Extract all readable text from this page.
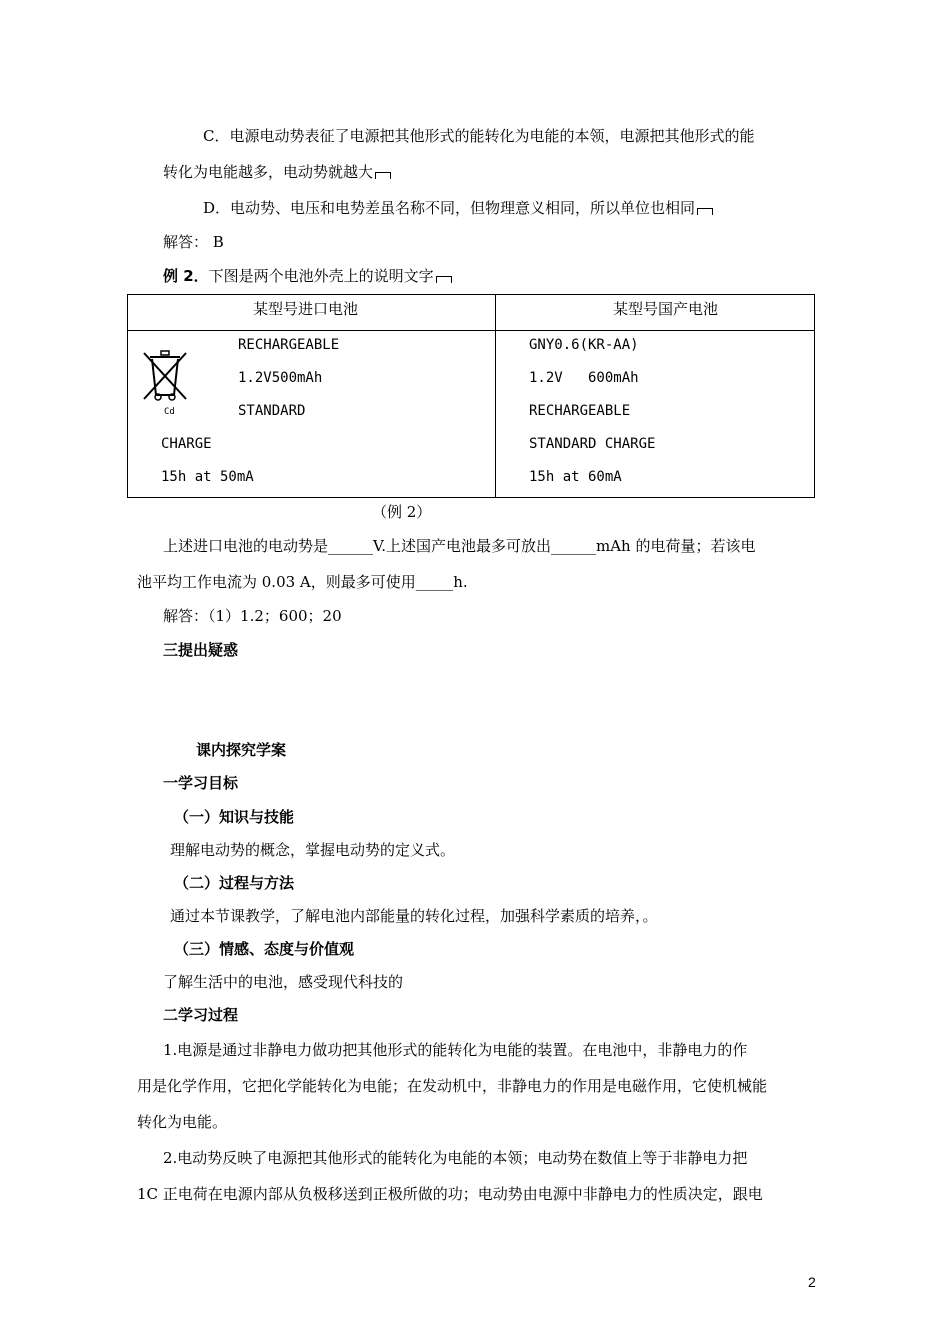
C．电源电动势表征了电源把其他形式的能转化为电能的本领，电源把其他形式的能
转化为电能越多，电动势就越大
D．电动势、电压和电势差虽名称不同，但物理意义相同，所以单位也相同
解答： B
例 2．下图是两个电池外壳上的说明文字
某型号进口电池	某型号国产电池
Cd
RECHARGEABLE
1.2V500mAh
STANDARD
CHARGE
15h at 50mA
GNY0.6(KR-AA)
1.2V   600mAh
RECHARGEABLE
STANDARD CHARGE
15h at 60mA
（例 2）
上述进口电池的电动势是______V.上述国产电池最多可放出______mAh 的电荷量；若该电
池平均工作电流为 0.03 A，则最多可使用_____h.
解答：（1）1.2；600；20
三提出疑惑
课内探究学案
一学习目标
（一）知识与技能
理解电动势的概念，掌握电动势的定义式。
（二）过程与方法
通过本节课教学，了解电池内部能量的转化过程，加强科学素质的培养，。
（三）情感、态度与价值观
了解生活中的电池，感受现代科技的
二学习过程
1.电源是通过非静电力做功把其他形式的能转化为电能的装置。在电池中，非静电力的作
用是化学作用，它把化学能转化为电能；在发动机中，非静电力的作用是电磁作用，它使机械能
转化为电能。
2.电动势反映了电源把其他形式的能转化为电能的本领；电动势在数值上等于非静电力把
1C 正电荷在电源内部从负极移送到正极所做的功；电动势由电源中非静电力的性质决定，跟电
2
